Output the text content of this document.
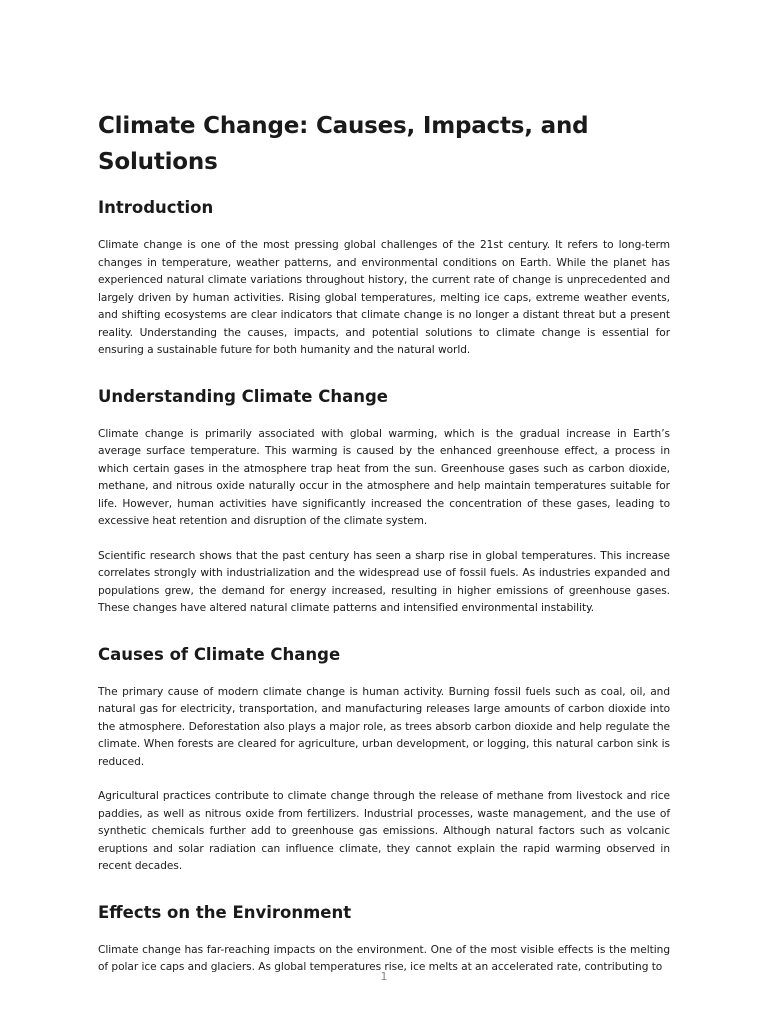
Climate Change: Causes, Impacts, and Solutions
Introduction

Climate change is one of the most pressing global challenges of the 21st century. It refers to long-term changes in temperature, weather patterns, and environmental conditions on Earth. While the planet has experienced natural climate variations throughout history, the current rate of change is unprecedented and largely driven by human activities. Rising global temperatures, melting ice caps, extreme weather events, and shifting ecosystems are clear indicators that climate change is no longer a distant threat but a present reality. Understanding the causes, impacts, and potential solutions to climate change is essential for ensuring a sustainable future for both humanity and the natural world.

Understanding Climate Change

Climate change is primarily associated with global warming, which is the gradual increase in Earth’s average surface temperature. This warming is caused by the enhanced greenhouse effect, a process in which certain gases in the atmosphere trap heat from the sun. Greenhouse gases such as carbon dioxide, methane, and nitrous oxide naturally occur in the atmosphere and help maintain temperatures suitable for life. However, human activities have significantly increased the concentration of these gases, leading to excessive heat retention and disruption of the climate system.

Scientific research shows that the past century has seen a sharp rise in global temperatures. This increase correlates strongly with industrialization and the widespread use of fossil fuels. As industries expanded and populations grew, the demand for energy increased, resulting in higher emissions of greenhouse gases. These changes have altered natural climate patterns and intensified environmental instability.

Causes of Climate Change

The primary cause of modern climate change is human activity. Burning fossil fuels such as coal, oil, and natural gas for electricity, transportation, and manufacturing releases large amounts of carbon dioxide into the atmosphere. Deforestation also plays a major role, as trees absorb carbon dioxide and help regulate the climate. When forests are cleared for agriculture, urban development, or logging, this natural carbon sink is reduced.

Agricultural practices contribute to climate change through the release of methane from livestock and rice paddies, as well as nitrous oxide from fertilizers. Industrial processes, waste management, and the use of synthetic chemicals further add to greenhouse gas emissions. Although natural factors such as volcanic eruptions and solar radiation can influence climate, they cannot explain the rapid warming observed in recent decades.

Effects on the Environment

Climate change has far-reaching impacts on the environment. One of the most visible effects is the melting of polar ice caps and glaciers. As global temperatures rise, ice melts at an accelerated rate, contributing to

1
